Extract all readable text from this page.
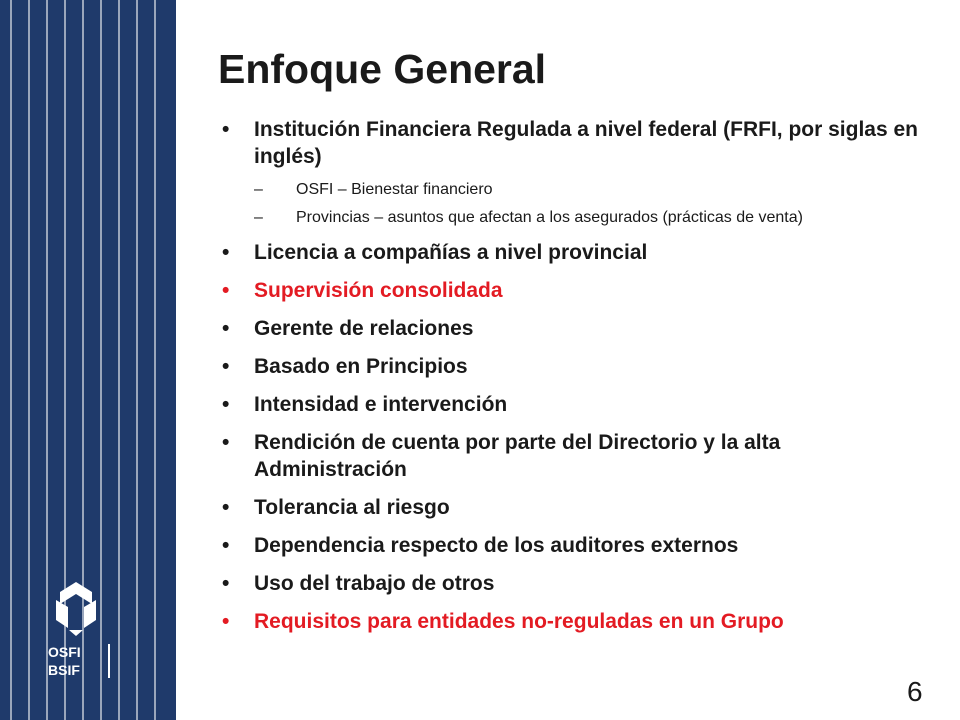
OSFI
BSIF
Enfoque General
• Institución Financiera Regulada a nivel federal (FRFI, por siglas en inglés)
– OSFI – Bienestar financiero
– Provincias – asuntos que afectan a los asegurados (prácticas de venta)
• Licencia a compañías a nivel provincial
• Supervisión consolidada
• Gerente de relaciones
• Basado en Principios
• Intensidad e intervención
• Rendición de cuenta por parte del Directorio y la alta Administración
• Tolerancia al riesgo
• Dependencia respecto de los auditores externos
• Uso del trabajo de otros
• Requisitos para entidades no-reguladas en un Grupo
6
